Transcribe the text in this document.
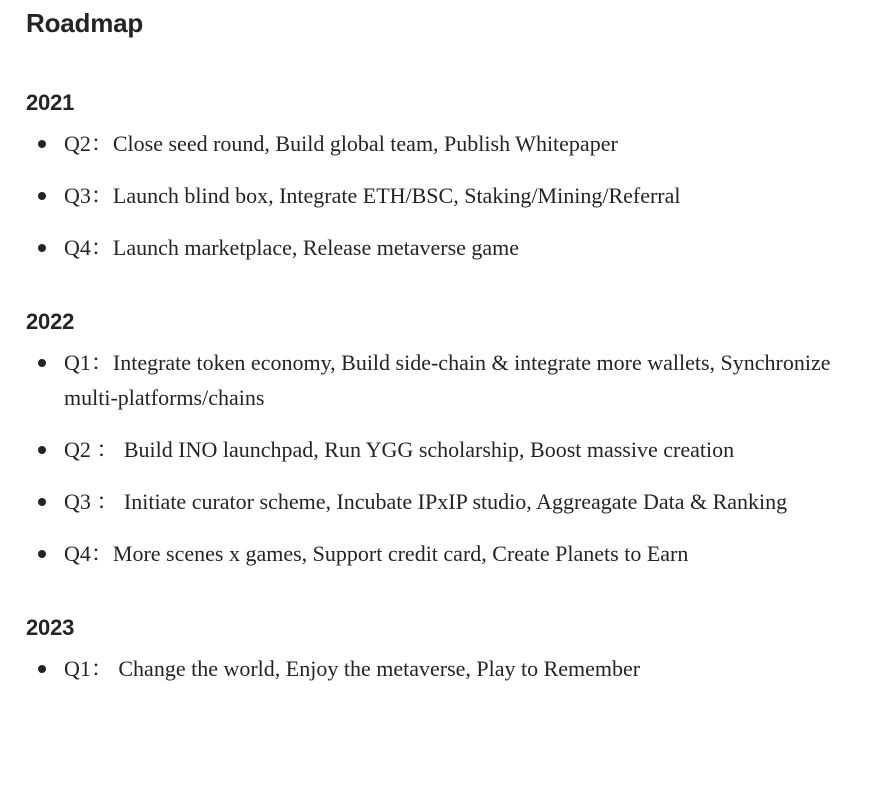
Roadmap
2021
Q2：Close seed round, Build global team, Publish Whitepaper
Q3：Launch blind box, Integrate ETH/BSC, Staking/Mining/Referral
Q4：Launch marketplace, Release metaverse game
2022
Q1：Integrate token economy, Build side-chain & integrate more wallets, Synchronize multi-platforms/chains
Q2 ： Build INO launchpad, Run YGG scholarship, Boost massive creation
Q3 ： Initiate curator scheme, Incubate IPxIP studio, Aggreagate Data & Ranking
Q4：More scenes x games, Support credit card, Create Planets to Earn
2023
Q1： Change the world, Enjoy the metaverse, Play to Remember
